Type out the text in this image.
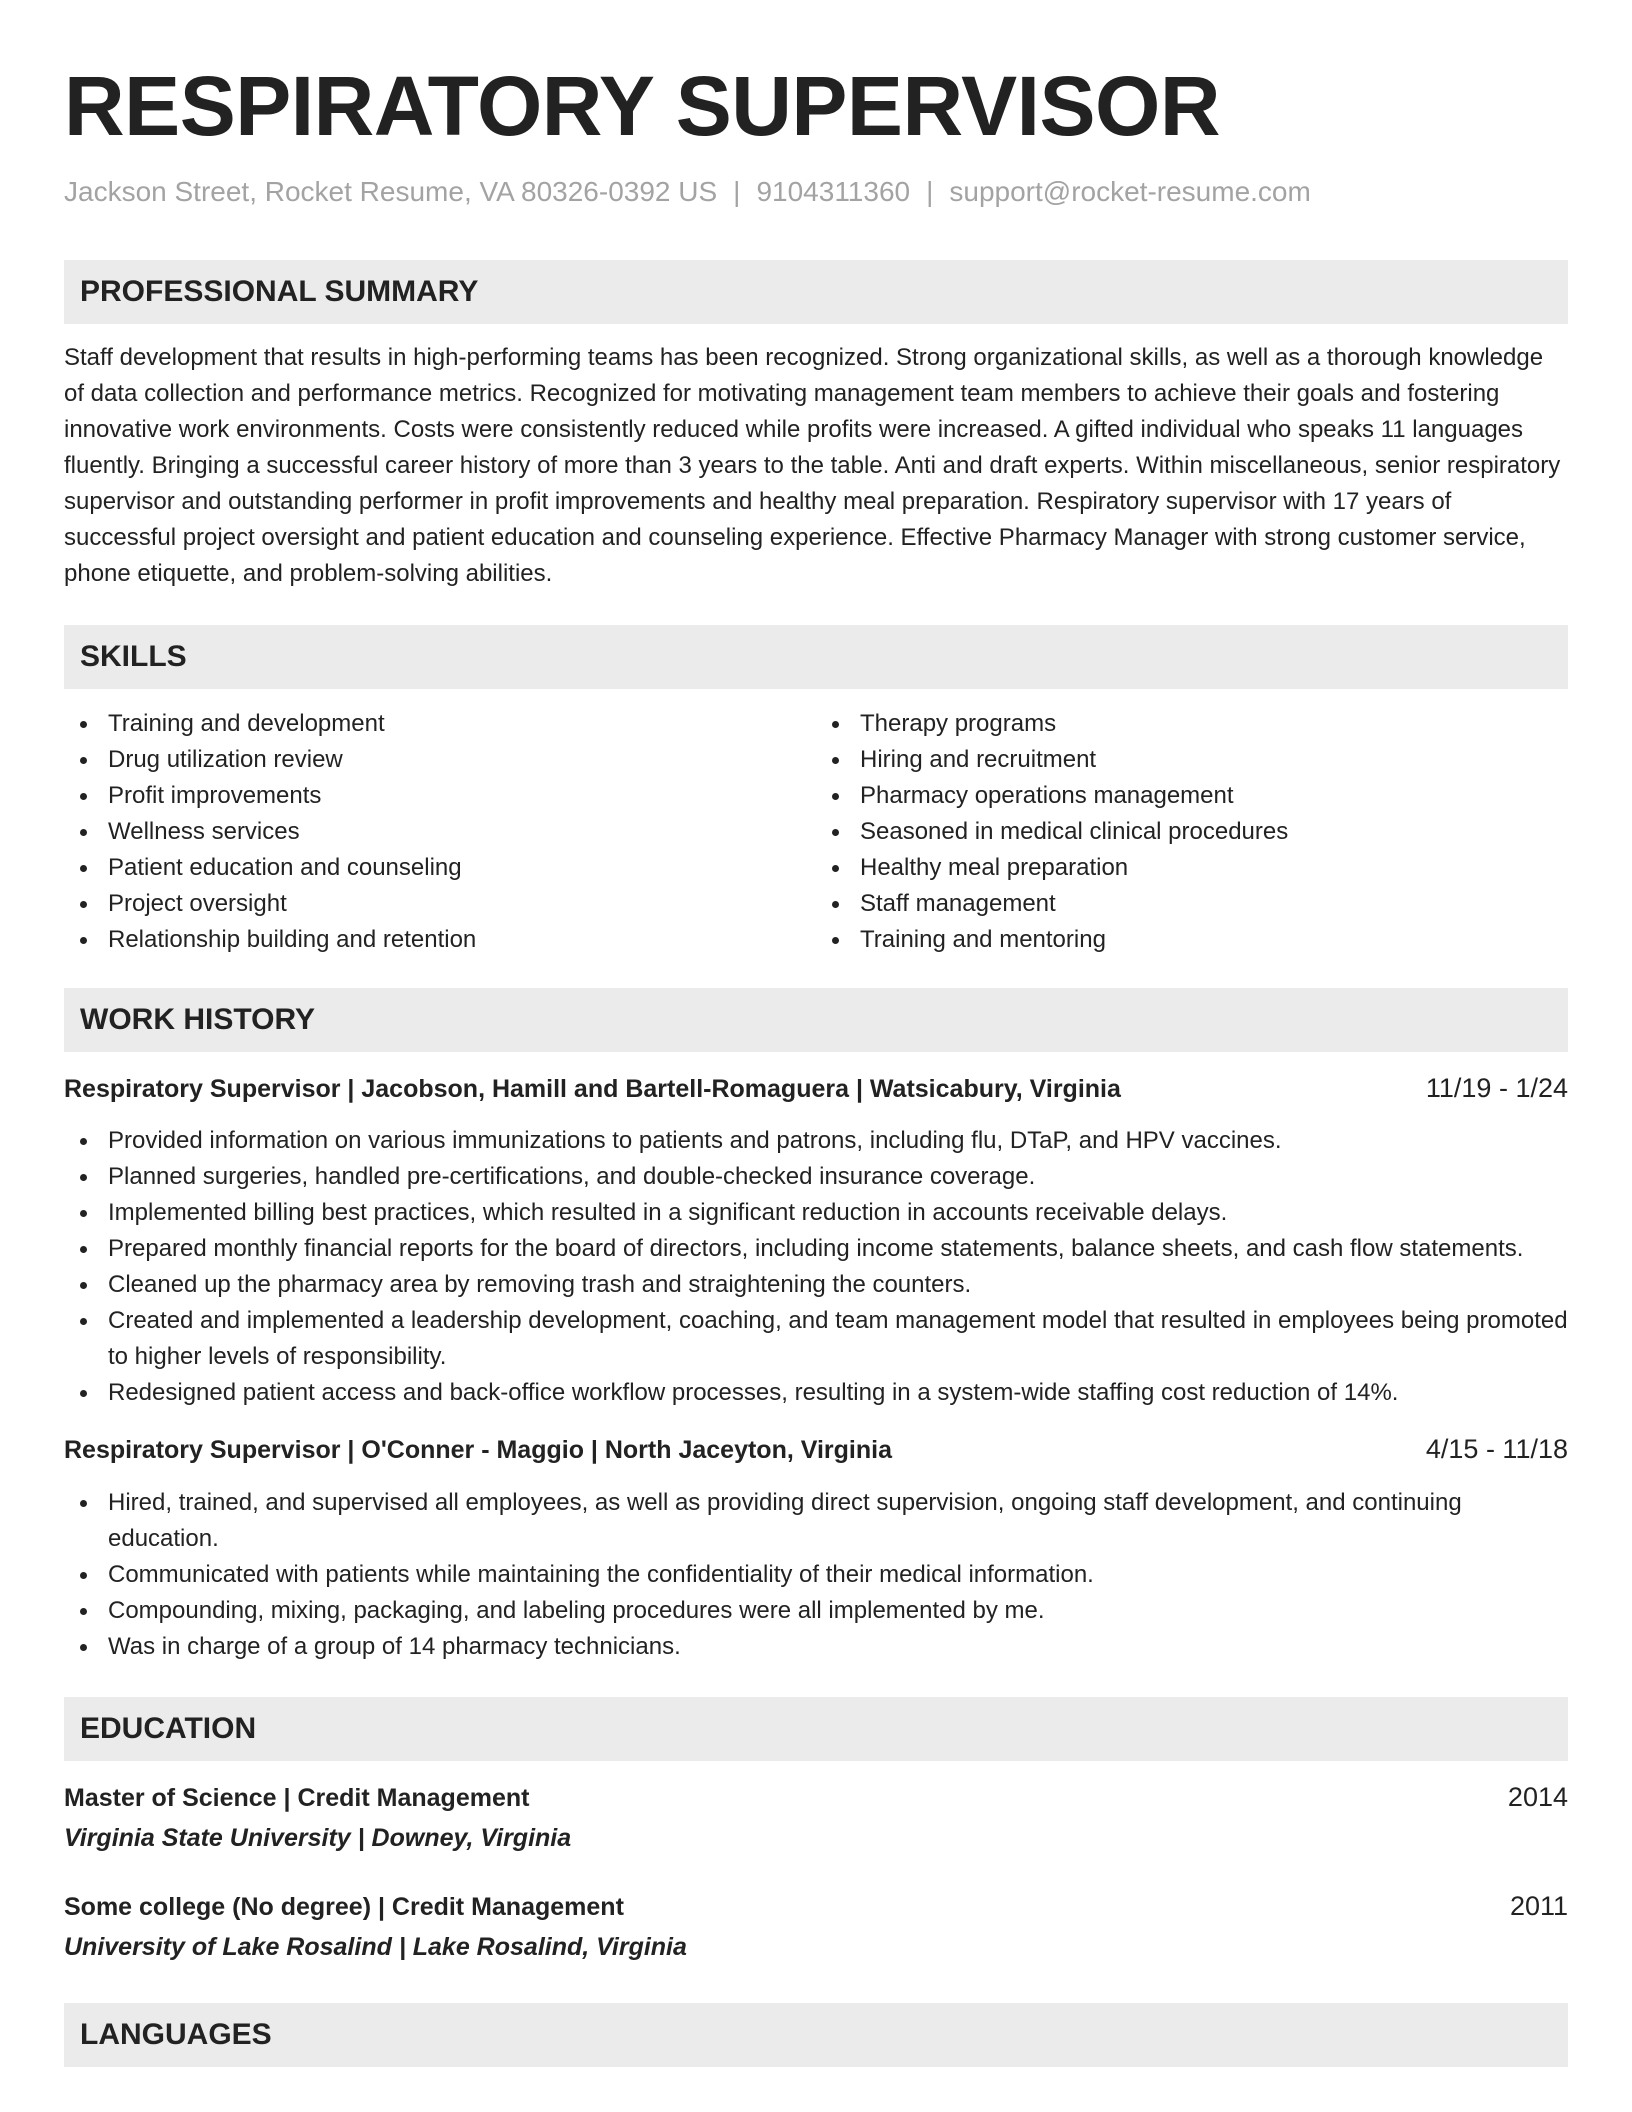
RESPIRATORY SUPERVISOR
Jackson Street, Rocket Resume, VA 80326-0392 US | 9104311360 | support@rocket-resume.com
PROFESSIONAL SUMMARY

Staff development that results in high-performing teams has been recognized. Strong organizational skills, as well as a thorough knowledge of data collection and performance metrics. Recognized for motivating management team members to achieve their goals and fostering innovative work environments. Costs were consistently reduced while profits were increased. A gifted individual who speaks 11 languages fluently. Bringing a successful career history of more than 3 years to the table. Anti and draft experts. Within miscellaneous, senior respiratory supervisor and outstanding performer in profit improvements and healthy meal preparation. Respiratory supervisor with 17 years of successful project oversight and patient education and counseling experience. Effective Pharmacy Manager with strong customer service, phone etiquette, and problem-solving abilities.

SKILLS
Training and development
Drug utilization review
Profit improvements
Wellness services
Patient education and counseling
Project oversight
Relationship building and retention
Therapy programs
Hiring and recruitment
Pharmacy operations management
Seasoned in medical clinical procedures
Healthy meal preparation
Staff management
Training and mentoring
WORK HISTORY
Respiratory Supervisor | Jacobson, Hamill and Bartell-Romaguera | Watsicabury, Virginia	11/19 - 1/24
Provided information on various immunizations to patients and patrons, including flu, DTaP, and HPV vaccines.
Planned surgeries, handled pre-certifications, and double-checked insurance coverage.
Implemented billing best practices, which resulted in a significant reduction in accounts receivable delays.
Prepared monthly financial reports for the board of directors, including income statements, balance sheets, and cash flow statements.
Cleaned up the pharmacy area by removing trash and straightening the counters.
Created and implemented a leadership development, coaching, and team management model that resulted in employees being promoted to higher levels of responsibility.
Redesigned patient access and back-office workflow processes, resulting in a system-wide staffing cost reduction of 14%.
Respiratory Supervisor | O'Conner - Maggio | North Jaceyton, Virginia	4/15 - 11/18
Hired, trained, and supervised all employees, as well as providing direct supervision, ongoing staff development, and continuing education.
Communicated with patients while maintaining the confidentiality of their medical information.
Compounding, mixing, packaging, and labeling procedures were all implemented by me.
Was in charge of a group of 14 pharmacy technicians.
EDUCATION
Master of Science | Credit Management	2014
Virginia State University | Downey, Virginia
Some college (No degree) | Credit Management	2011
University of Lake Rosalind | Lake Rosalind, Virginia
LANGUAGES
